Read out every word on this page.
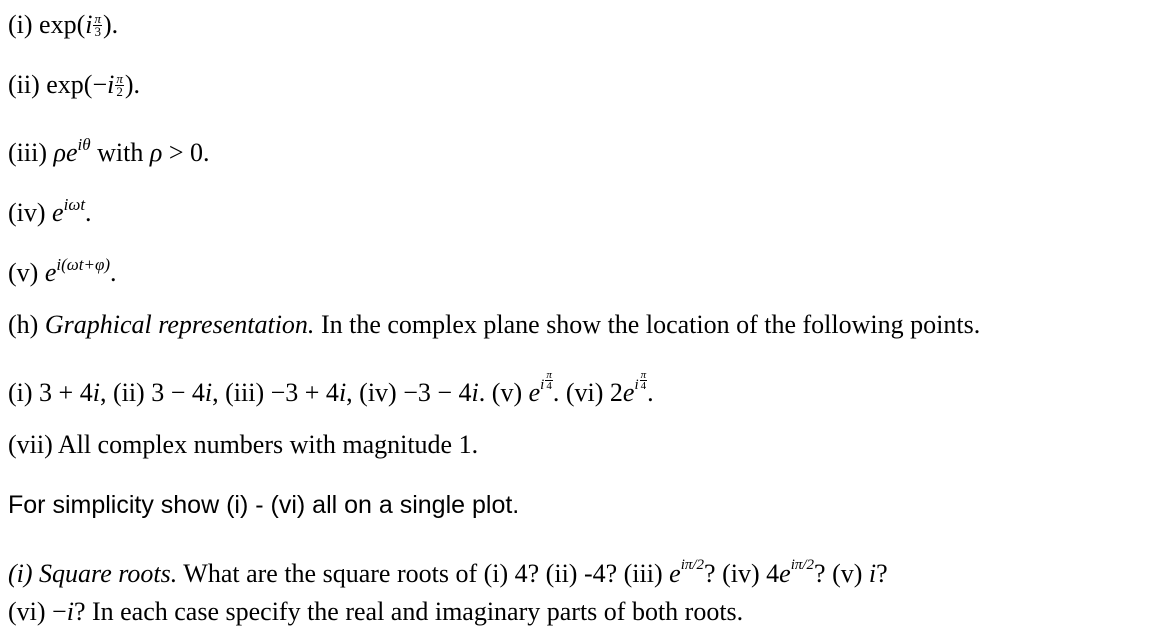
(i) $\exp(i \frac{\pi}{3}$ ).
(ii) $\exp(-i \frac{\pi}{2}$ ).
(iii) $\rho e^{i\theta}$ with ρ > 0.
(iv) $e^{i\omega t}$.
(v) $e^{i(\omega t+\varphi)}$.
(h) Graphical representation. In the complex plane show the location of the following points.
(i) 3 + 4i, (ii) 3 − 4i, (iii) −3 + 4i, (iv) −3 − 4i. (v) $e^i \frac{\pi}{4}$ . (vi) $2e^i \frac{\pi}{4}$ .
(vii) All complex numbers with magnitude 1.
For simplicity show (i) - (vi) all on a single plot.
(i) Square roots. What are the square roots of (i) 4? (ii) -4? (iii) $e^{i\pi/2}$? (iv) $4e^{i\pi/2}$? (v) i?
(vi) −i? In each case specify the real and imaginary parts of both roots.
